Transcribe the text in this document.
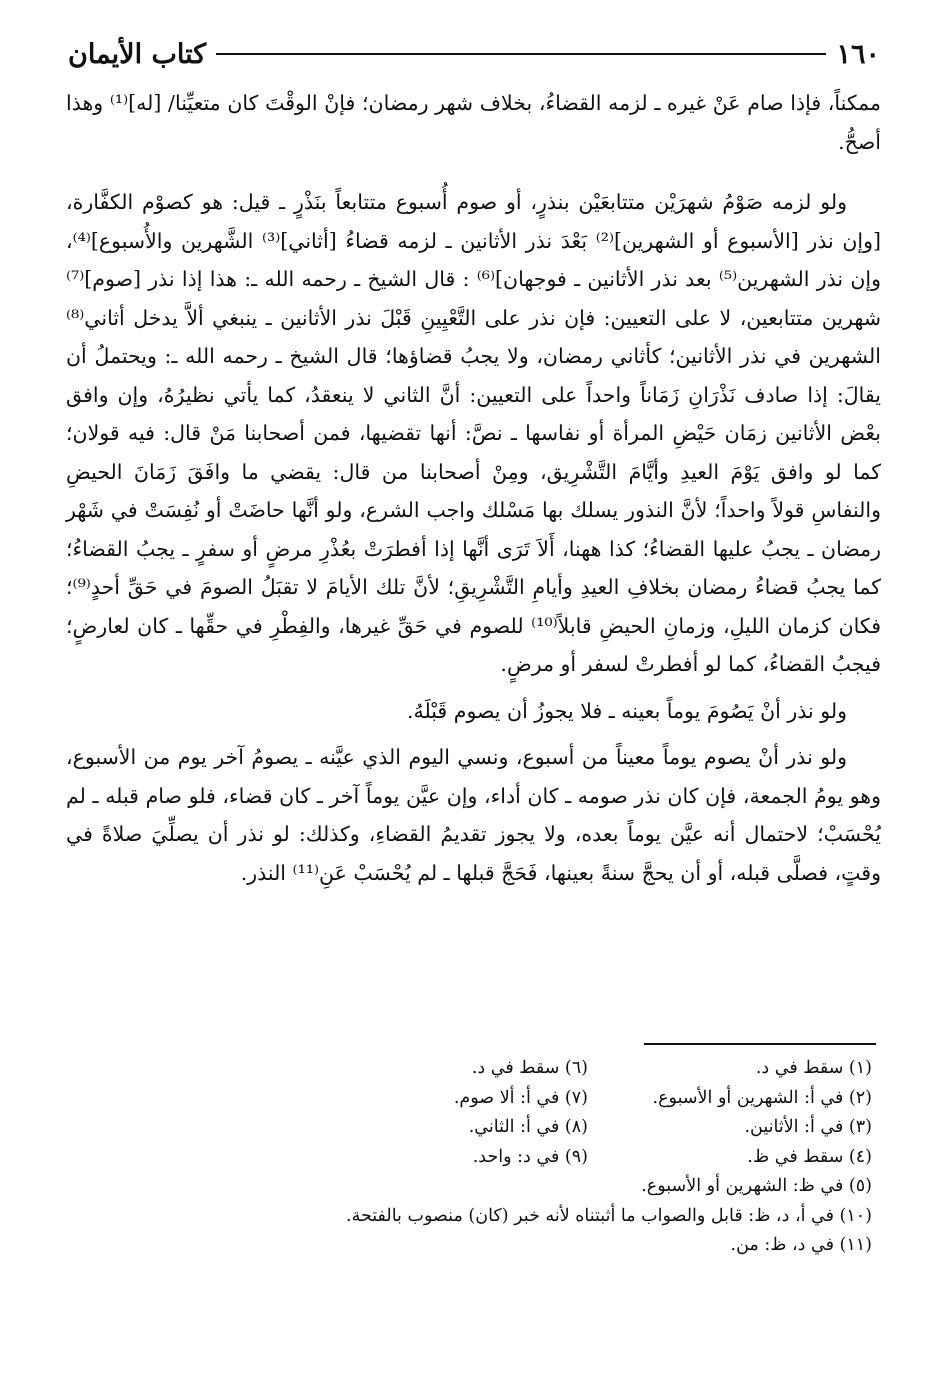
١٦٠
كتاب الأيمان

ممكناً، فإذا صام عَنْ غيره ـ لزمه القضاءُ، بخلاف شهر رمضان؛ فإنْ الوقْتَ كان متعيِّنا/ [له]⁽¹⁾ وهذا أصحُّ.

ولو لزمه صَوْمُ شهرَيْن متتابعَيْن بنذرٍ، أو صوم أُسبوع متتابعاً بنَذْرٍ ـ قيل: هو كصوْم الكفَّارة، [وإن نذر [الأسبوع أو الشهرين]⁽²⁾ بَعْدَ نذر الأثانين ـ لزمه قضاءُ [أثاني]⁽³⁾ الشَّهرين والأُسبوع]⁽⁴⁾، وإن نذر الشهرين⁽⁵⁾ بعد نذر الأثانين ـ فوجهان]⁽⁶⁾ : قال الشيخ ـ رحمه الله ـ: هذا إذا نذر [صوم]⁽⁷⁾ شهرين متتابعين، لا على التعيين: فإن نذر على التَّعْيِينِ قَبْلَ نذر الأثانين ـ ينبغي ألاَّ يدخل أثاني⁽⁸⁾ الشهرين في نذر الأثانين؛ كأثاني رمضان، ولا يجبُ قضاؤها؛ قال الشيخ ـ رحمه الله ـ: ويحتملُ أن يقالَ: إذا صادف نَذْرَانِ زَمَاناً واحداً على التعيين: أنَّ الثاني لا ينعقدُ، كما يأتي نظيرُهُ، وإن وافق بعْض الأثانين زمَان حَيْضِ المرأة أو نفاسها ـ نصَّ: أنها تقضيها، فمن أصحابنا مَنْ قال: فيه قولان؛ كما لو وافق يَوْمَ العيدِ وأيَّامَ التَّشْرِيق، ومِنْ أصحابنا من قال: يقضي ما وافَقَ زَمَانَ الحيضِ والنفاسِ قولاً واحداً؛ لأنَّ النذور يسلك بها مَسْلك واجب الشرع، ولو أنَّها حاضَتْ أو نُفِسَتْ في شَهْر رمضان ـ يجبُ عليها القضاءُ؛ كذا ههنا، أَلاَ تَرَى أنَّها إذا أفطرَتْ بعُذْرِ مرضٍ أو سفرٍ ـ يجبُ القضاءُ؛ كما يجبُ قضاءُ رمضان بخلافِ العيدِ وأيامِ التَّشْرِيقِ؛ لأنَّ تلك الأيامَ لا تقبَلُ الصومَ في حَقِّ أحدٍ⁽⁹⁾؛ فكان كزمان الليلِ، وزمانِ الحيضِ قابلاً⁽¹⁰⁾ للصوم في حَقِّ غيرها، والفِطْرِ في حقِّها ـ كان لعارضٍ؛ فيجبُ القضاءُ، كما لو أفطرتْ لسفر أو مرضٍ.

ولو نذر أنْ يَصُومَ يوماً بعينه ـ فلا يجوزُ أن يصوم قَبْلَهُ.

ولو نذر أنْ يصوم يوماً معيناً من أسبوع، ونسي اليوم الذي عيَّنه ـ يصومُ آخر يوم من الأسبوع، وهو يومُ الجمعة، فإن كان نذر صومه ـ كان أداء، وإن عيَّن يوماً آخر ـ كان قضاء، فلو صام قبله ـ لم يُحْسَبْ؛ لاحتمال أنه عيَّن يوماً بعده، ولا يجوز تقديمُ القضاءِ، وكذلك: لو نذر أن يصلِّيَ صلاةً في وقتٍ، فصلَّى قبله، أو أن يحجَّ سنةً بعينها، فَحَجَّ قبلها ـ لم يُحْسَبْ عَنِ⁽¹¹⁾ النذر.

(١) سقط في د.
(٦) سقط في د.
(٢) في أ: الشهرين أو الأسبوع.
(٧) في أ: ألا صوم.
(٣) في أ: الأثانين.
(٨) في أ: الثاني.
(٤) سقط في ظ.
(٩) في د: واحد.
(٥) في ظ: الشهرين أو الأسبوع.
(١٠) في أ، د، ظ: قابل والصواب ما أثبتناه لأنه خبر (كان) منصوب بالفتحة.
(١١) في د، ظ: من.
